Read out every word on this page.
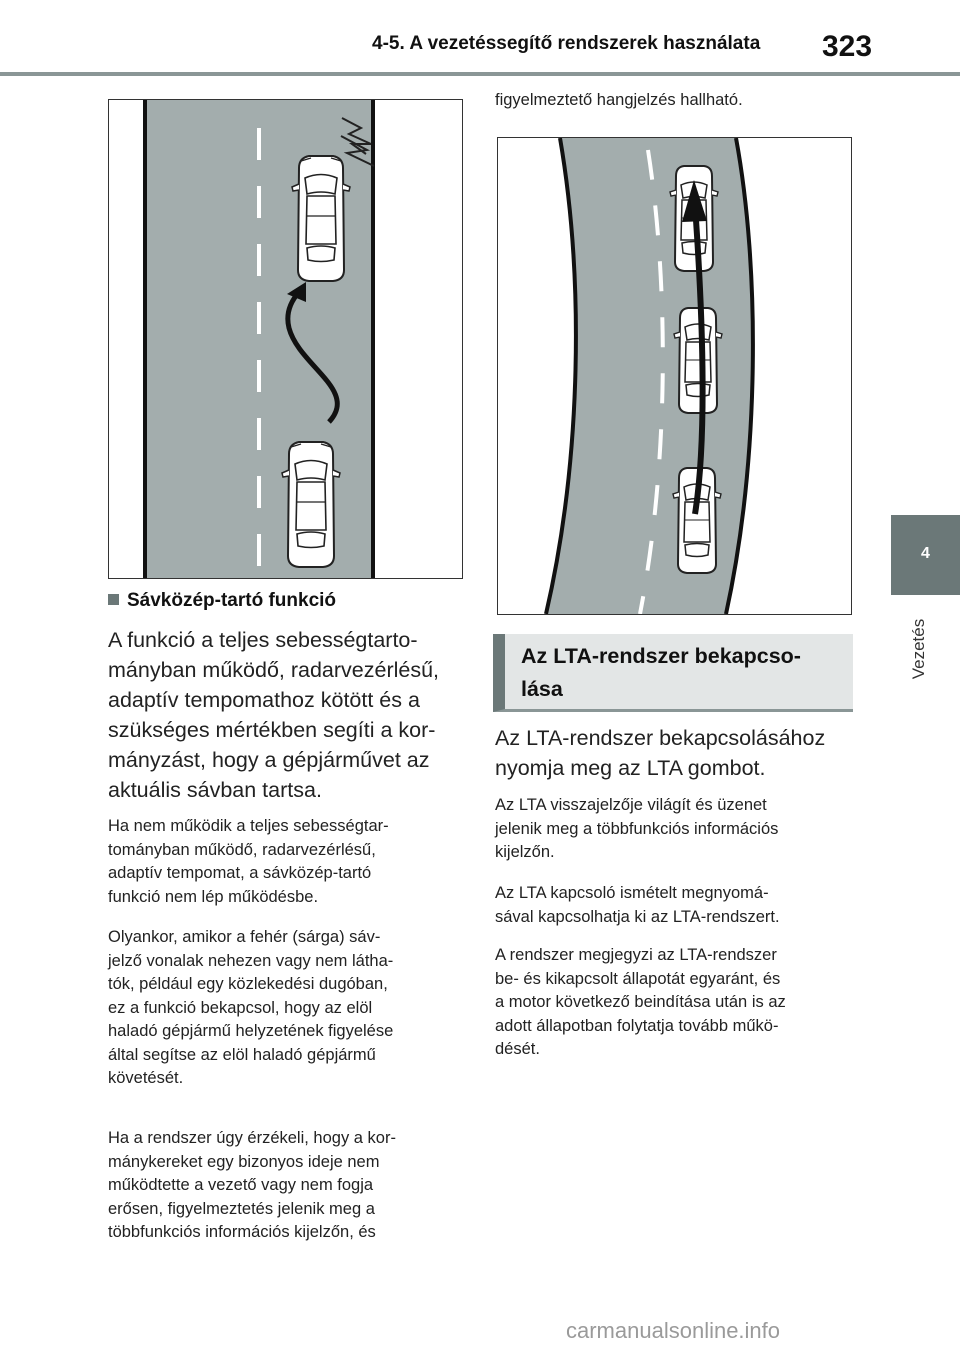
4-5. A vezetéssegítő rendszerek használata 323
4
Vezetés
Sávközép-tartó funkció
A funkció a teljes sebességtarto-
mányban működő, radarvezérlésű,
adaptív tempomathoz kötött és a
szükséges mértékben segíti a kor-
mányzást, hogy a gépjárművet az
aktuális sávban tartsa.
Ha nem működik a teljes sebességtar-
tományban működő, radarvezérlésű,
adaptív tempomat, a sávközép-tartó
funkció nem lép működésbe.
Olyankor, amikor a fehér (sárga) sáv-
jelző vonalak nehezen vagy nem látha-
tók, például egy közlekedési dugóban,
ez a funkció bekapcsol, hogy az elöl
haladó gépjármű helyzetének figyelése
által segítse az elöl haladó gépjármű
követését.
Ha a rendszer úgy érzékeli, hogy a kor-
mánykereket egy bizonyos ideje nem
működtette a vezető vagy nem fogja
erősen, figyelmeztetés jelenik meg a
többfunkciós információs kijelzőn, és
figyelmeztető hangjelzés hallható.
Az LTA-rendszer bekapcso-
lása
Az LTA-rendszer bekapcsolásához
nyomja meg az LTA gombot.
Az LTA visszajelzője világít és üzenet
jelenik meg a többfunkciós információs
kijelzőn.
Az LTA kapcsoló ismételt megnyomá-
sával kapcsolhatja ki az LTA-rendszert.
A rendszer megjegyzi az LTA-rendszer
be- és kikapcsolt állapotát egyaránt, és
a motor következő beindítása után is az
adott állapotban folytatja tovább műkö-
dését.
carmanualsonline.info
